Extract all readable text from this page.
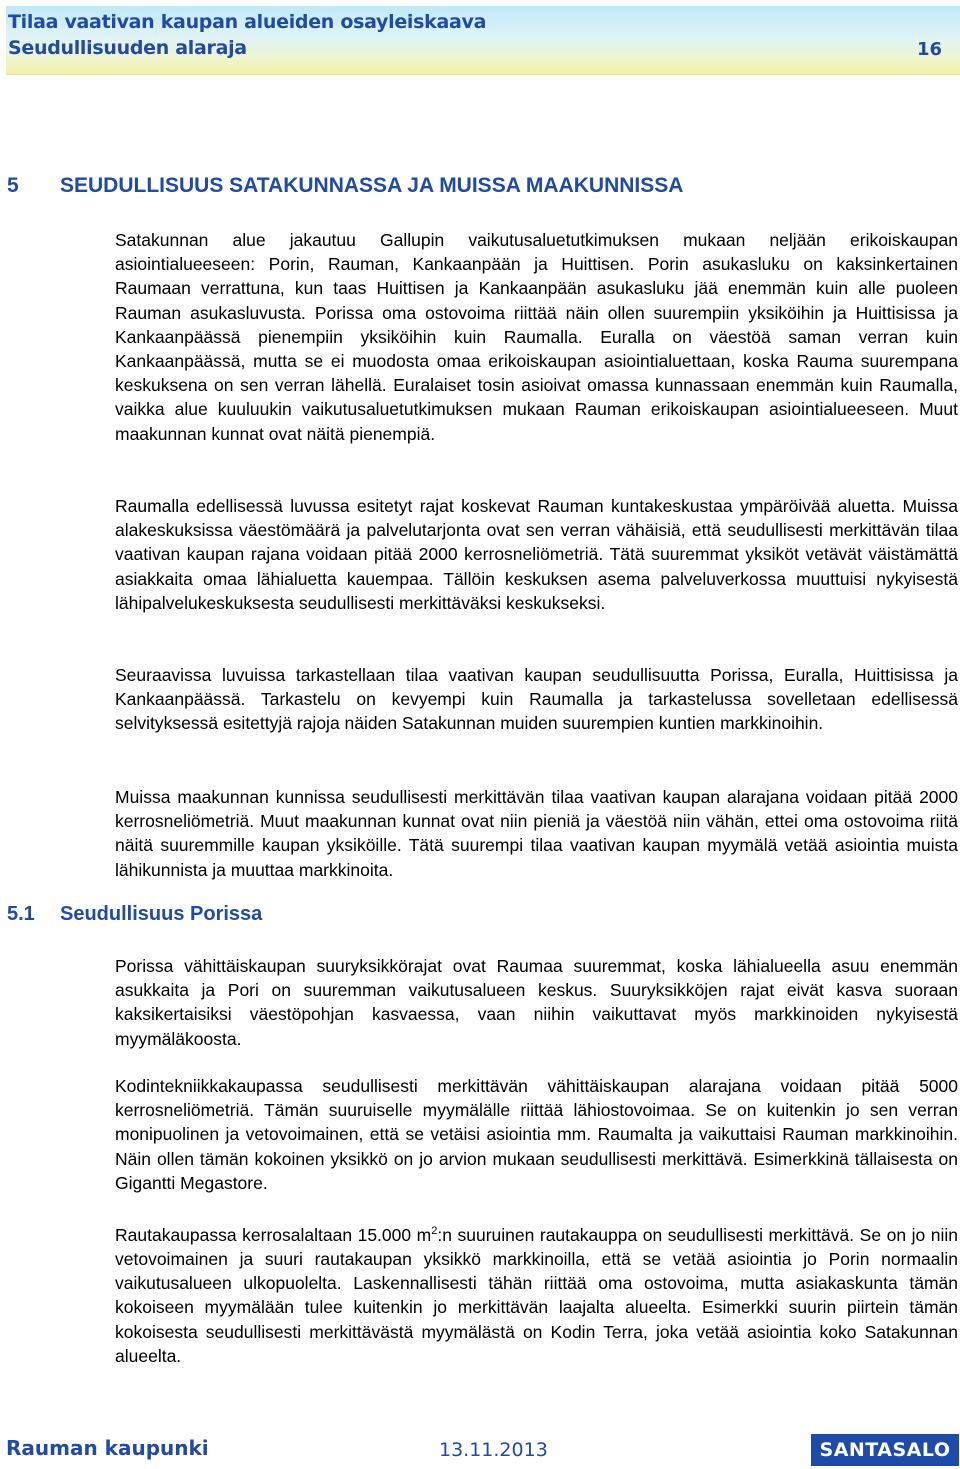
Tilaa vaativan kaupan alueiden osayleiskaava
Seudullisuuden alaraja	16
5 SEUDULLISUUS SATAKUNNASSA JA MUISSA MAAKUNNISSA

Satakunnan alue jakautuu Gallupin vaikutusaluetutkimuksen mukaan neljään erikoiskaupan asiointialueeseen: Porin, Rauman, Kankaanpään ja Huittisen. Porin asukasluku on kaksinkertainen Raumaan verrattuna, kun taas Huittisen ja Kankaanpään asukasluku jää enemmän kuin alle puoleen Rauman asukasluvusta. Porissa oma ostovoima riittää näin ollen suurempiin yksiköihin ja Huittisissa ja Kankaanpäässä pienempiin yksiköihin kuin Raumalla. Euralla on väestöä saman verran kuin Kankaanpäässä, mutta se ei muodosta omaa erikoiskaupan asiointialuettaan, koska Rauma suurempana keskuksena on sen verran lähellä. Euralaiset tosin asioivat omassa kunnassaan enemmän kuin Raumalla, vaikka alue kuuluukin vaikutusaluetutkimuksen mukaan Rauman erikoiskaupan asiointialueeseen. Muut maakunnan kunnat ovat näitä pienempiä.

Raumalla edellisessä luvussa esitetyt rajat koskevat Rauman kuntakeskustaa ympäröivää aluetta. Muissa alakeskuksissa väestömäärä ja palvelutarjonta ovat sen verran vähäisiä, että seudullisesti merkittävän tilaa vaativan kaupan rajana voidaan pitää 2000 kerrosneliömetriä. Tätä suuremmat yksiköt vetävät väistämättä asiakkaita omaa lähialuetta kauempaa. Tällöin keskuksen asema palveluverkossa muuttuisi nykyisestä lähipalvelukeskuksesta seudullisesti merkittäväksi keskukseksi.

Seuraavissa luvuissa tarkastellaan tilaa vaativan kaupan seudullisuutta Porissa, Euralla, Huittisissa ja Kankaanpäässä. Tarkastelu on kevyempi kuin Raumalla ja tarkastelussa sovelletaan edellisessä selvityksessä esitettyjä rajoja näiden Satakunnan muiden suurempien kuntien markkinoihin.

Muissa maakunnan kunnissa seudullisesti merkittävän tilaa vaativan kaupan alarajana voidaan pitää 2000 kerrosneliömetriä. Muut maakunnan kunnat ovat niin pieniä ja väestöä niin vähän, ettei oma ostovoima riitä näitä suuremmille kaupan yksiköille. Tätä suurempi tilaa vaativan kaupan myymälä vetää asiointia muista lähikunnista ja muuttaa markkinoita.

5.1 Seudullisuus Porissa

Porissa vähittäiskaupan suuryksikkörajat ovat Raumaa suuremmat, koska lähialueella asuu enemmän asukkaita ja Pori on suuremman vaikutusalueen keskus. Suuryksikköjen rajat eivät kasva suoraan kaksikertaisiksi väestöpohjan kasvaessa, vaan niihin vaikuttavat myös markkinoiden nykyisestä myymäläkoosta.

Kodintekniikkakaupassa seudullisesti merkittävän vähittäiskaupan alarajana voidaan pitää 5000 kerrosneliömetriä. Tämän suuruiselle myymälälle riittää lähiostovoimaa. Se on kuitenkin jo sen verran monipuolinen ja vetovoimainen, että se vetäisi asiointia mm. Raumalta ja vaikuttaisi Rauman markkinoihin. Näin ollen tämän kokoinen yksikkö on jo arvion mukaan seudullisesti merkittävä. Esimerkkinä tällaisesta on Gigantti Megastore.

Rautakaupassa kerrosalaltaan 15.000 $m^2:n$ suuruinen rautakauppa on seudullisesti merkittävä. Se on jo niin vetovoimainen ja suuri rautakaupan yksikkö markkinoilla, että se vetää asiointia jo Porin normaalin vaikutusalueen ulkopuolelta. Laskennallisesti tähän riittää oma ostovoima, mutta asiakaskunta tämän kokoiseen myymälään tulee kuitenkin jo merkittävän laajalta alueelta. Esimerkki suurin piirtein tämän kokoisesta seudullisesti merkittävästä myymälästä on Kodin Terra, joka vetää asiointia koko Satakunnan alueelta.

Rauman kaupunki	13.11.2013	SANTASALO
